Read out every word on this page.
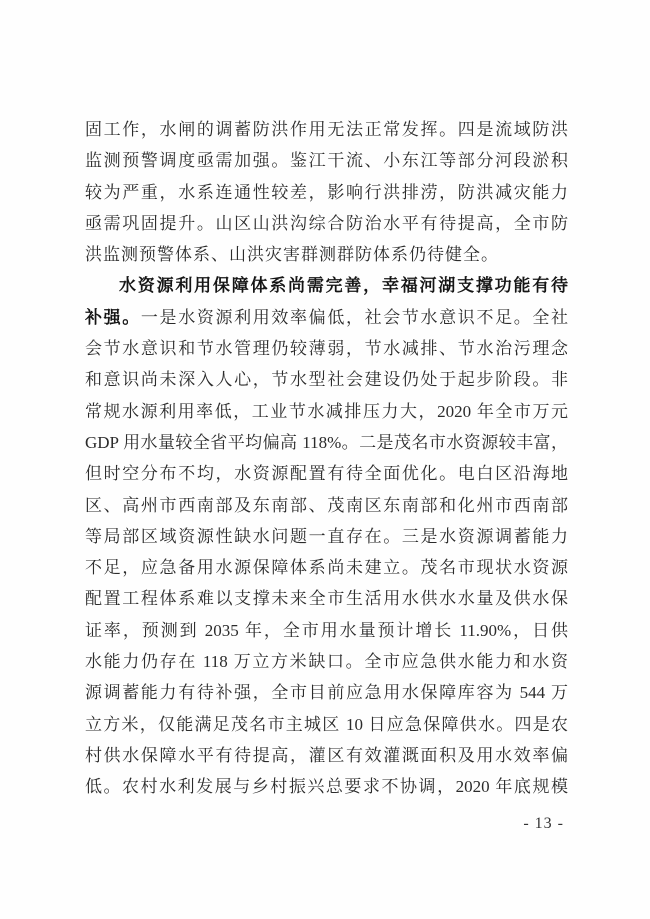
固工作，水闸的调蓄防洪作用无法正常发挥。四是流域防洪
监测预警调度亟需加强。鉴江干流、小东江等部分河段淤积
较为严重，水系连通性较差，影响行洪排涝，防洪减灾能力
亟需巩固提升。山区山洪沟综合防治水平有待提高，全市防
洪监测预警体系、山洪灾害群测群防体系仍待健全。
水资源利用保障体系尚需完善，幸福河湖支撑功能有待
补强。一是水资源利用效率偏低，社会节水意识不足。全社
会节水意识和节水管理仍较薄弱，节水减排、节水治污理念
和意识尚未深入人心，节水型社会建设仍处于起步阶段。非
常规水源利用率低，工业节水减排压力大，2020 年全市万元
GDP 用水量较全省平均偏高 118%。二是茂名市水资源较丰富，
但时空分布不均，水资源配置有待全面优化。电白区沿海地
区、高州市西南部及东南部、茂南区东南部和化州市西南部
等局部区域资源性缺水问题一直存在。三是水资源调蓄能力
不足，应急备用水源保障体系尚未建立。茂名市现状水资源
配置工程体系难以支撑未来全市生活用水供水水量及供水保
证率，预测到 2035 年，全市用水量预计增长 11.90%，日供
水能力仍存在 118 万立方米缺口。全市应急供水能力和水资
源调蓄能力有待补强，全市目前应急用水保障库容为 544 万
立方米，仅能满足茂名市主城区 10 日应急保障供水。四是农
村供水保障水平有待提高，灌区有效灌溉面积及用水效率偏
低。农村水利发展与乡村振兴总要求不协调，2020 年底规模
- 13 -
